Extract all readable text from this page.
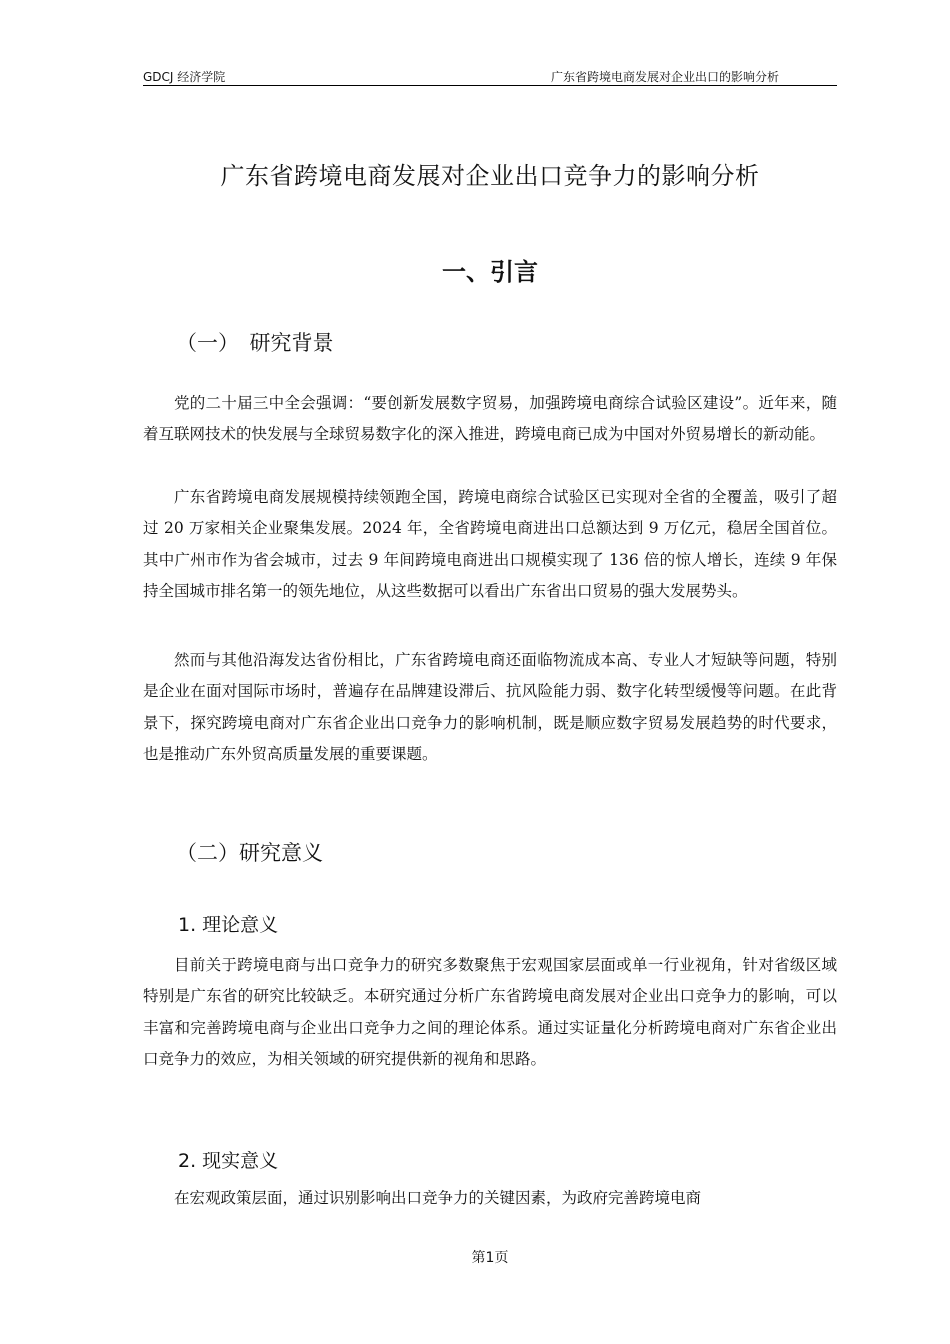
GDCJ 经济学院	广东省跨境电商发展对企业出口的影响分析
广东省跨境电商发展对企业出口竞争力的影响分析
一、引言
（一）　研究背景

党的二十届三中全会强调：“要创新发展数字贸易，加强跨境电商综合试验区建设”。近年来，随着互联网技术的快发展与全球贸易数字化的深入推进，跨境电商已成为中国对外贸易增长的新动能。

广东省跨境电商发展规模持续领跑全国，跨境电商综合试验区已实现对全省的全覆盖，吸引了超过 20 万家相关企业聚集发展。2024 年，全省跨境电商进出口总额达到 9 万亿元，稳居全国首位。其中广州市作为省会城市，过去 9 年间跨境电商进出口规模实现了 136 倍的惊人增长，连续 9 年保持全国城市排名第一的领先地位，从这些数据可以看出广东省出口贸易的强大发展势头。

然而与其他沿海发达省份相比，广东省跨境电商还面临物流成本高、专业人才短缺等问题，特别是企业在面对国际市场时，普遍存在品牌建设滞后、抗风险能力弱、数字化转型缓慢等问题。在此背景下，探究跨境电商对广东省企业出口竞争力的影响机制，既是顺应数字贸易发展趋势的时代要求，也是推动广东外贸高质量发展的重要课题。

（二）研究意义
1. 理论意义

目前关于跨境电商与出口竞争力的研究多数聚焦于宏观国家层面或单一行业视角，针对省级区域特别是广东省的研究比较缺乏。本研究通过分析广东省跨境电商发展对企业出口竞争力的影响，可以丰富和完善跨境电商与企业出口竞争力之间的理论体系。通过实证量化分析跨境电商对广东省企业出口竞争力的效应，为相关领域的研究提供新的视角和思路。

2. 现实意义

在宏观政策层面，通过识别影响出口竞争力的关键因素，为政府完善跨境电商

第1页
